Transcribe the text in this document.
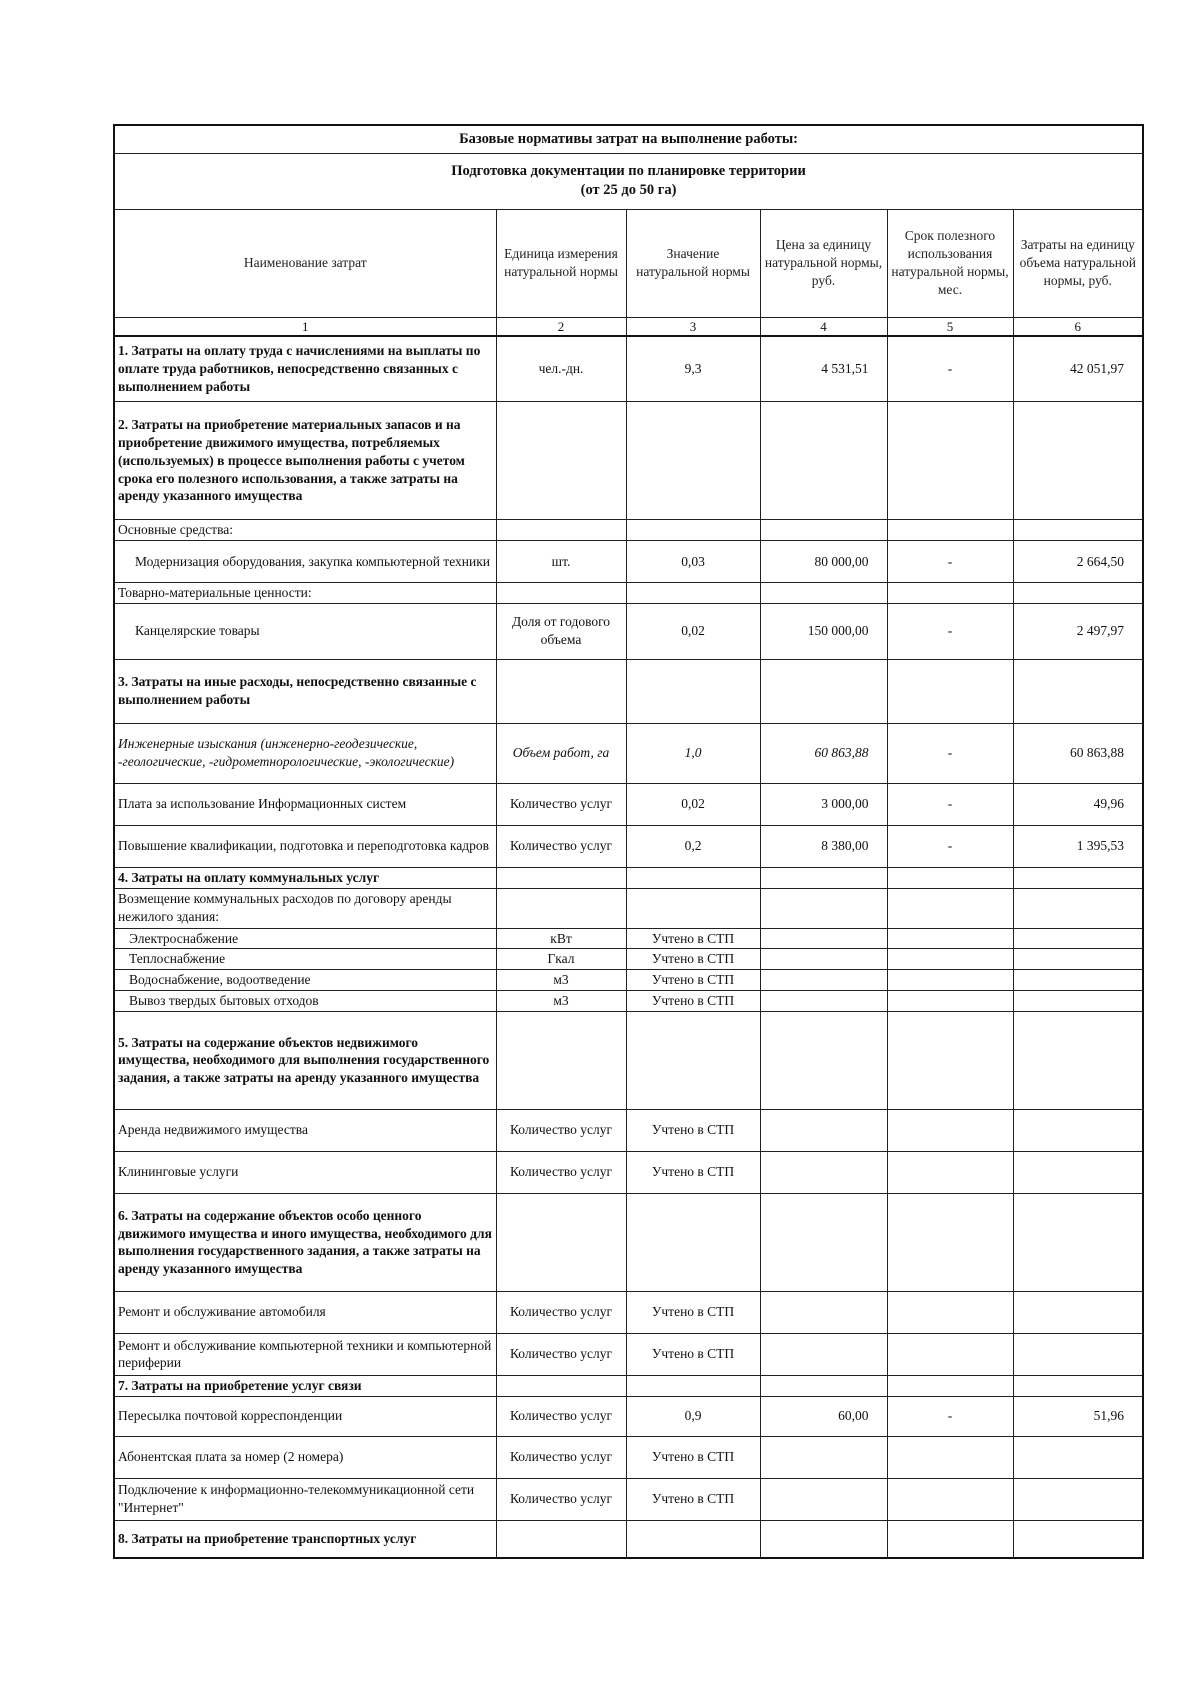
Базовые нормативы затрат на выполнение работы:					

Подготовка документации по планировке территории
(от 25 до 50 га)					

Наименование затрат	Единица измерения натуральной нормы	Значение натуральной нормы	Цена за единицу натуральной нормы, руб.	Срок полезного использования натуральной нормы, мес.	Затраты на единицу объема натуральной нормы, руб.
1	2	3	4	5	6
1. Затраты на оплату труда с начислениями на выплаты по оплате труда работников, непосредственно связанных с выполнением работы	чел.-дн.	9,3	4 531,51	-	42 051,97
2. Затраты на приобретение материальных запасов и на приобретение движимого имущества, потребляемых (используемых) в процессе выполнения работы с учетом срока его полезного использования, а также затраты на аренду указанного имущества					
Основные средства:					
Модернизация оборудования, закупка компьютерной техники	шт.	0,03	80 000,00	-	2 664,50
Товарно-материальные ценности:					
Канцелярские товары	Доля от годового объема	0,02	150 000,00	-	2 497,97
3. Затраты на иные расходы, непосредственно связанные с выполнением работы					
Инженерные изыскания (инженерно-геодезические, -геологические, -гидрометнорологические, -экологические)	Объем работ, га	1,0	60 863,88	-	60 863,88
Плата за использование Информационных систем	Количество услуг	0,02	3 000,00	-	49,96
Повышение квалификации, подготовка и переподготовка кадров	Количество услуг	0,2	8 380,00	-	1 395,53
4. Затраты на оплату коммунальных услуг					
Возмещение коммунальных расходов по договору аренды нежилого здания:					
Электроснабжение	кВт	Учтено в СТП			
Теплоснабжение	Гкал	Учтено в СТП			
Водоснабжение, водоотведение	м3	Учтено в СТП			
Вывоз твердых бытовых отходов	м3	Учтено в СТП			
5. Затраты на содержание объектов недвижимого имущества, необходимого для выполнения государственного задания, а также затраты на аренду указанного имущества					
Аренда недвижимого имущества	Количество услуг	Учтено в СТП			
Клининговые услуги	Количество услуг	Учтено в СТП			
6. Затраты на содержание объектов особо ценного движимого имущества и иного имущества, необходимого для выполнения государственного задания, а также затраты на аренду указанного имущества					
Ремонт и обслуживание автомобиля	Количество услуг	Учтено в СТП			
Ремонт и обслуживание компьютерной техники и компьютерной периферии	Количество услуг	Учтено в СТП			
7. Затраты на приобретение услуг связи					
Пересылка почтовой корреспонденции	Количество услуг	0,9	60,00	-	51,96
Абонентская плата за номер (2 номера)	Количество услуг	Учтено в СТП			
Подключение к информационно-телекоммуникационной сети "Интернет"	Количество услуг	Учтено в СТП			
8. Затраты на приобретение транспортных услуг					
